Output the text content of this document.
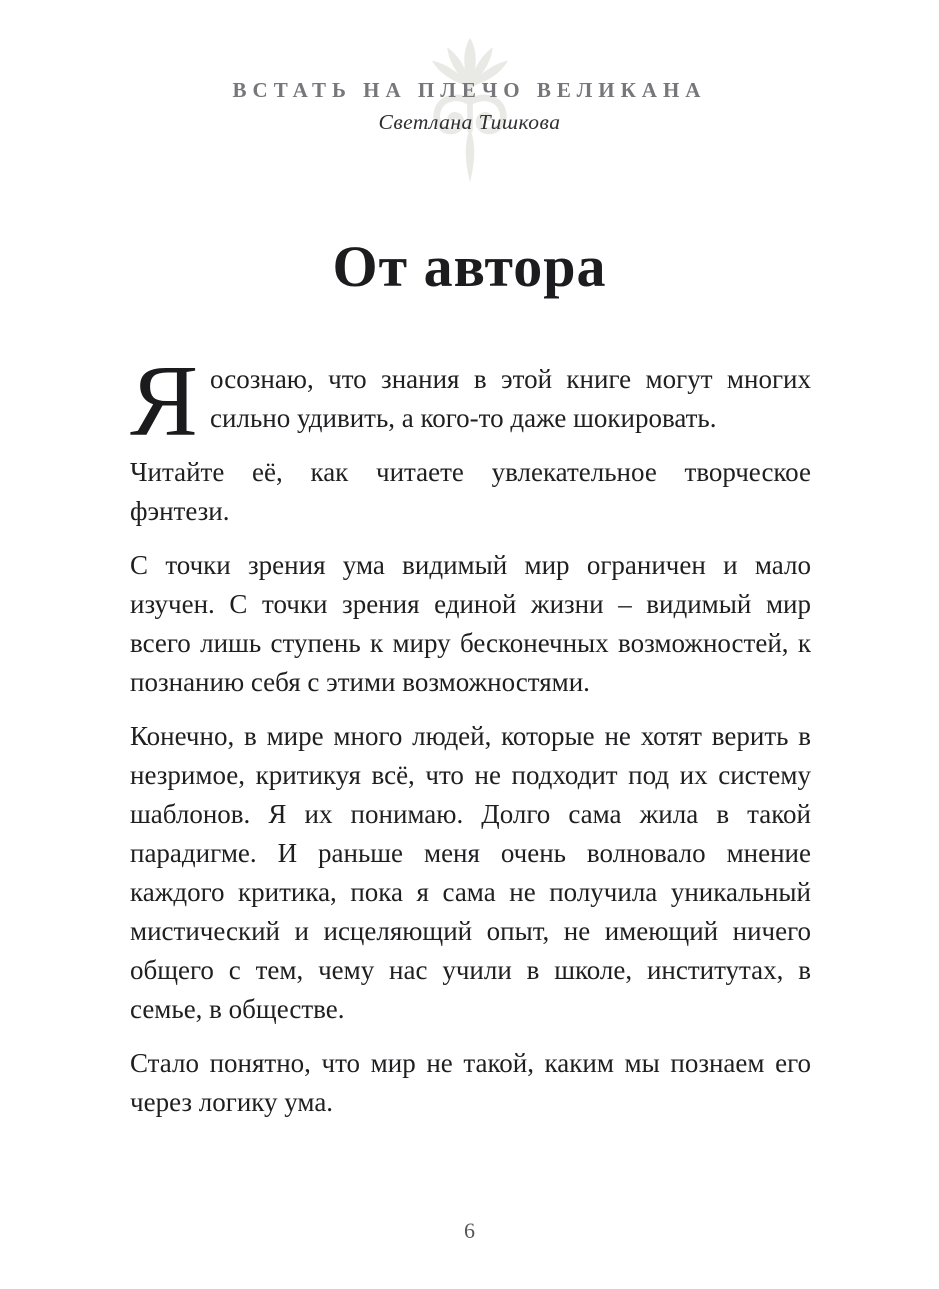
ВСТАТЬ НА ПЛЕЧО ВЕЛИКАНА
Светлана Тишкова
От автора

Яосознаю, что знания в этой книге могут многих сильно удивить, а кого-то даже шокировать.

Читайте её, как читаете увлекательное творческое фэнтези.

С точки зрения ума видимый мир ограничен и мало изучен. С точки зрения единой жизни – видимый мир всего лишь ступень к миру бесконечных возможностей, к познанию себя с этими возможностями.

Конечно, в мире много людей, которые не хотят верить в незримое, критикуя всё, что не подходит под их систему шаблонов. Я их понимаю. Долго сама жила в такой парадигме. И раньше меня очень волновало мнение каждого критика, пока я сама не получила уникальный мистический и исцеляющий опыт, не имеющий ничего общего с тем, чему нас учили в школе, институтах, в семье, в обществе.

Стало понятно, что мир не такой, каким мы познаем его через логику ума.

6
